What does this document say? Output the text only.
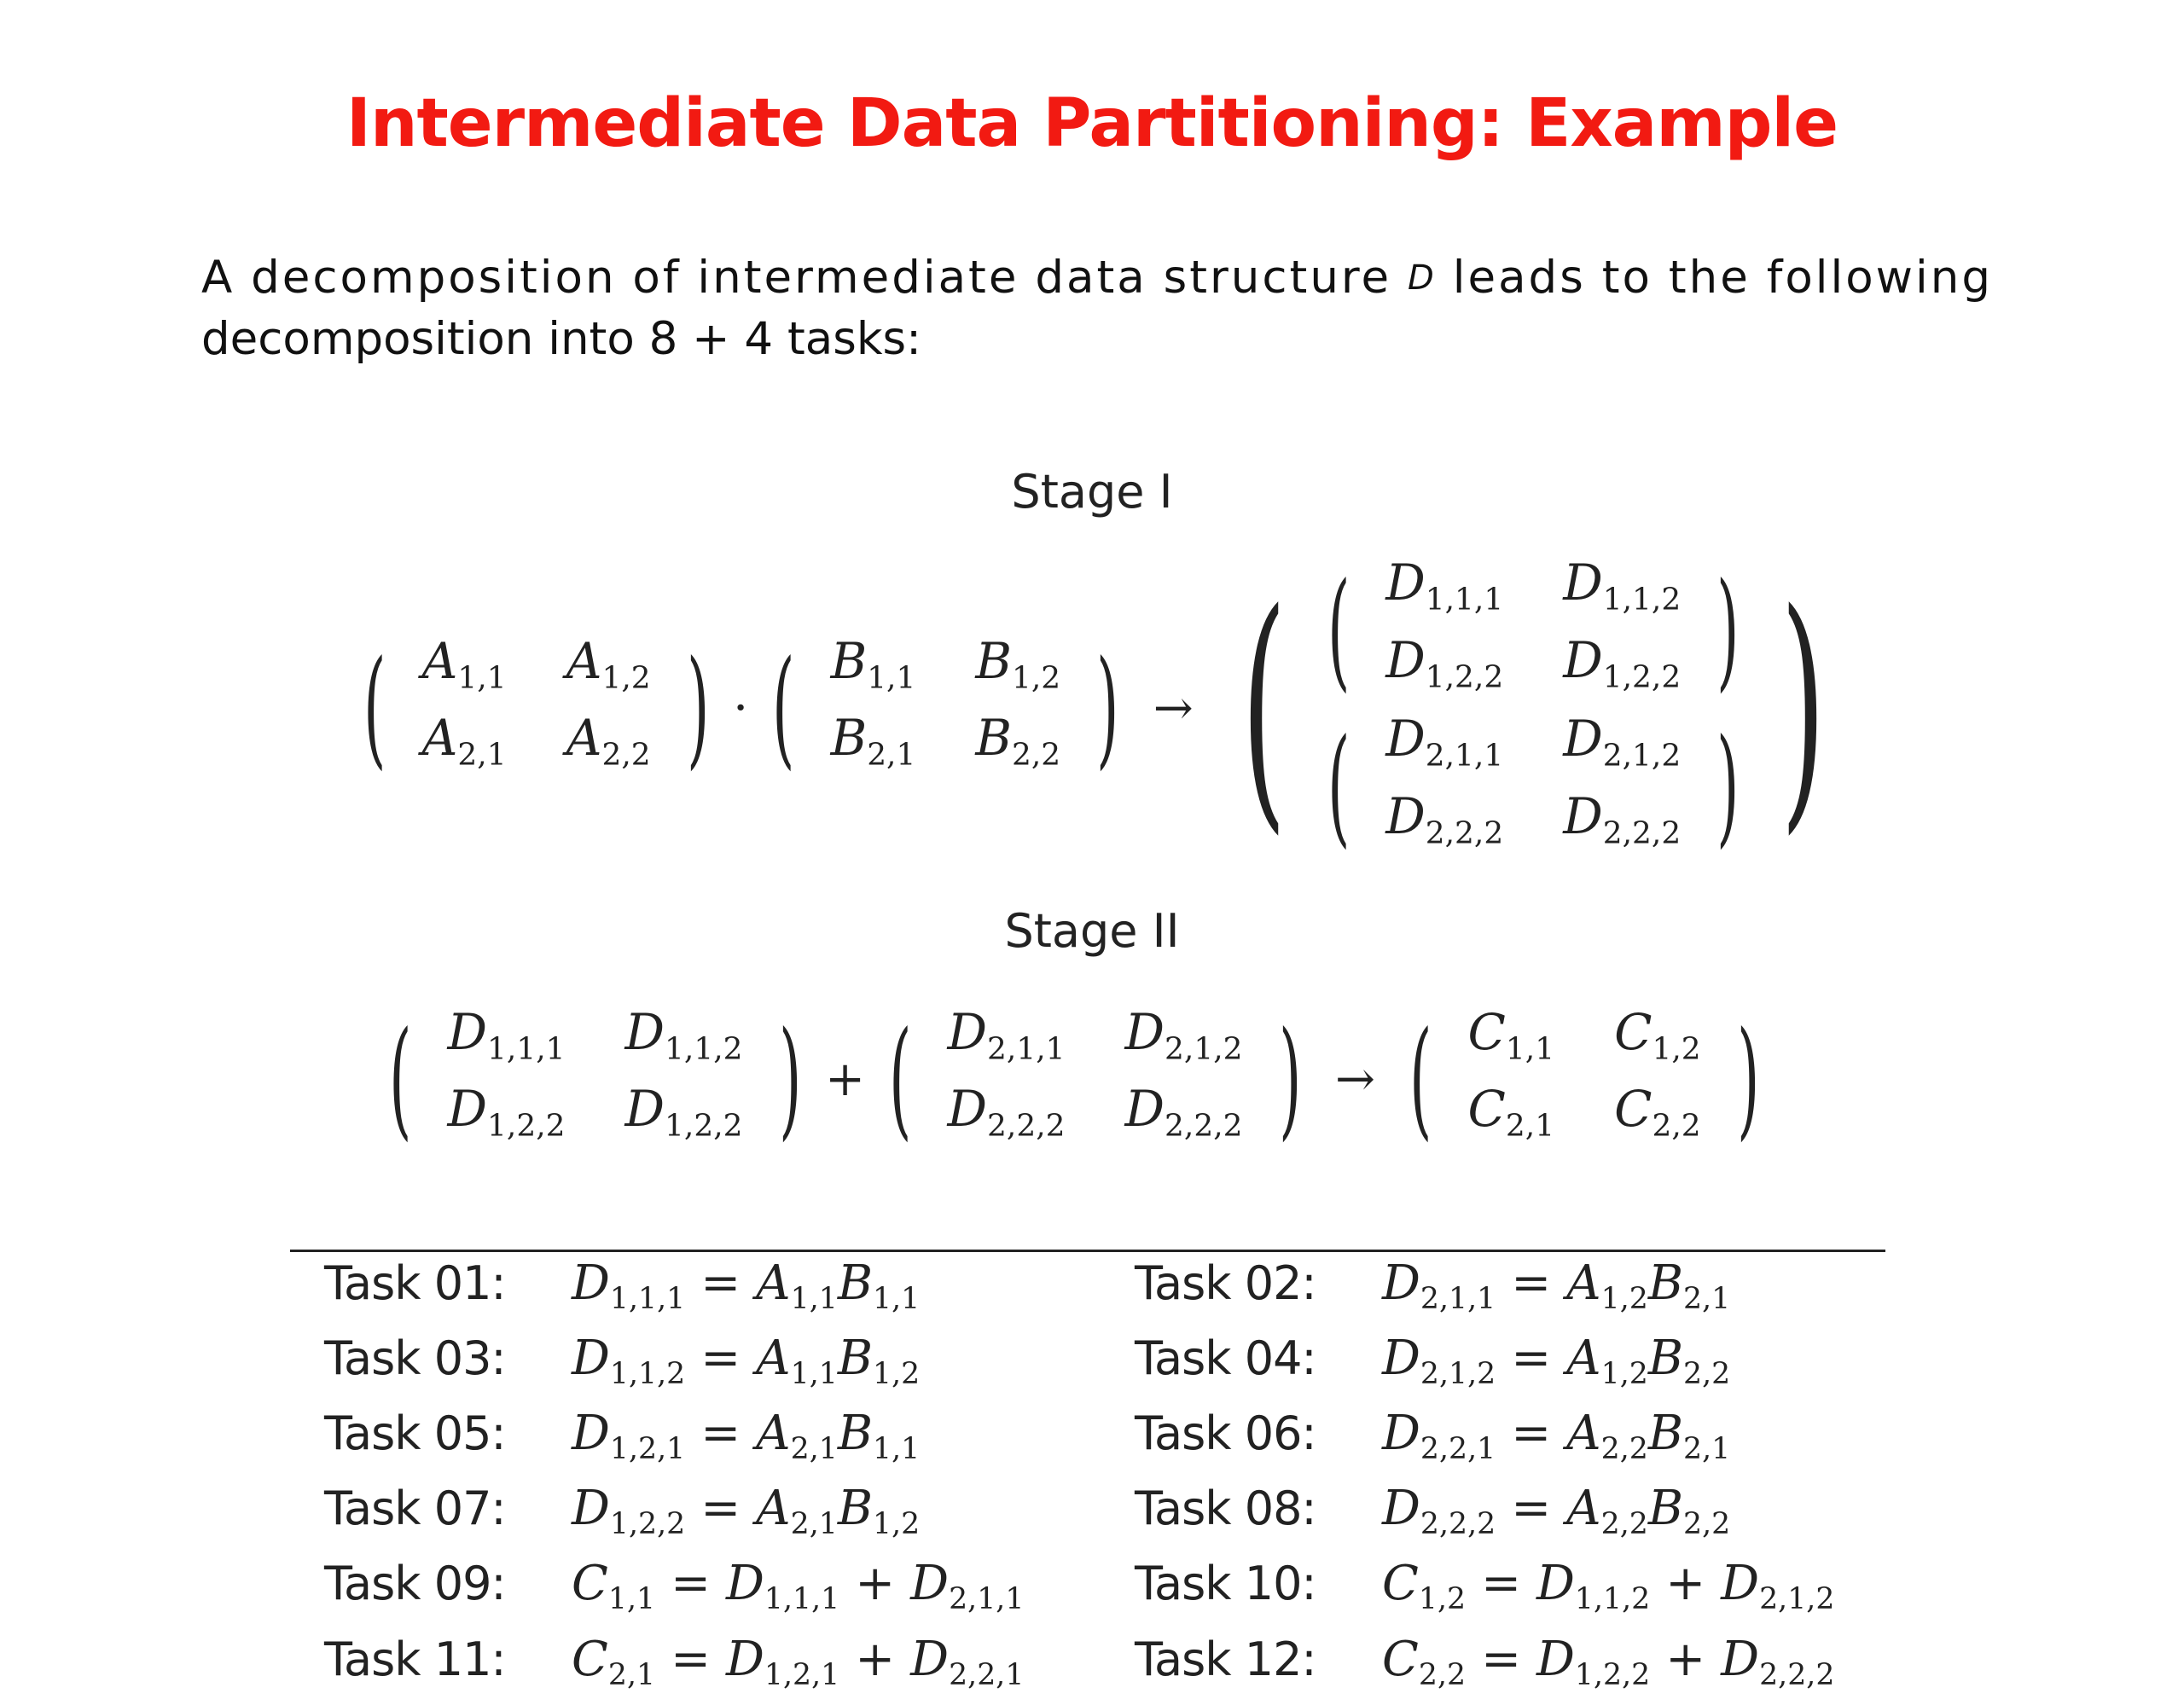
Intermediate Data Partitioning: Example
A decomposition of intermediate data structure D leads to the following
decomposition into 8 + 4 tasks:
Stage I
( $A_{1,1}$ $A_{1,2}$
$A_{2,1}$ $A_{2,2}$ ) · ( $B_{1,1}$ $B_{1,2}$
$B_{2,1}$ $B_{2,2}$ ) → ( ( $D_{1,1,1}$ $D_{1,1,2}$
$D_{1,2,2}$ $D_{1,2,2}$ )
( $D_{2,1,1}$ $D_{2,1,2}$
$D_{2,2,2}$ $D_{2,2,2}$ ) )
Stage II
( $D_{1,1,1}$ $D_{1,1,2}$
$D_{1,2,2}$ $D_{1,2,2}$ ) + ( $D_{2,1,1}$ $D_{2,1,2}$
$D_{2,2,2}$ $D_{2,2,2}$ ) → ( $C_{1,1}$ $C_{1,2}$
$C_{2,1}$ $C_{2,2}$ )
Task 01:	$D_{1,1,1} = A_{1,1}B_{1,1}$	Task 02:	$D_{2,1,1} = A_{1,2}B_{2,1}$
Task 03:	$D_{1,1,2} = A_{1,1}B_{1,2}$	Task 04:	$D_{2,1,2} = A_{1,2}B_{2,2}$
Task 05:	$D_{1,2,1} = A_{2,1}B_{1,1}$	Task 06:	$D_{2,2,1} = A_{2,2}B_{2,1}$
Task 07:	$D_{1,2,2} = A_{2,1}B_{1,2}$	Task 08:	$D_{2,2,2} = A_{2,2}B_{2,2}$
Task 09:	$C_{1,1} = D_{1,1,1} + D_{2,1,1}$	Task 10:	$C_{1,2} = D_{1,1,2} + D_{2,1,2}$
Task 11:	$C_{2,1} = D_{1,2,1} + D_{2,2,1}$	Task 12:	$C_{2,2} = D_{1,2,2} + D_{2,2,2}$
